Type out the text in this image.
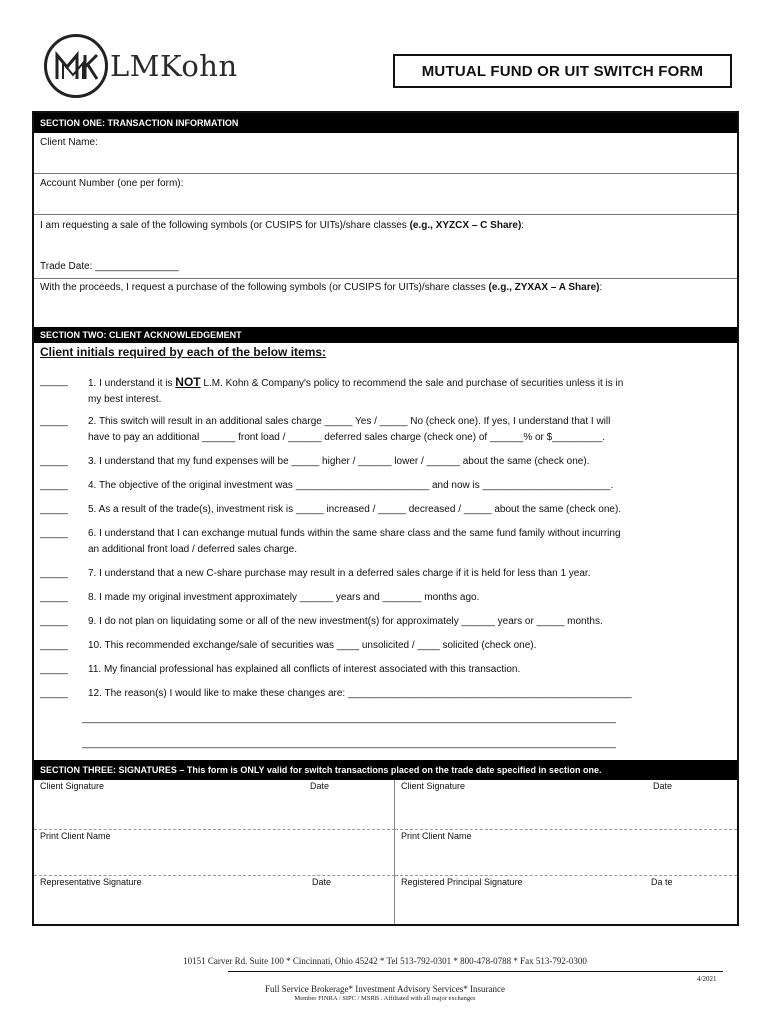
LMKohn	MUTUAL FUND OR UIT SWITCH FORM
SECTION ONE: TRANSACTION INFORMATION
Client Name:
Account Number (one per form):
I am requesting a sale of the following symbols (or CUSIPS for UITs)/share classes (e.g., XYZCX – C Share):
Trade Date: _______________
With the proceeds, I request a purchase of the following symbols (or CUSIPS for UITs)/share classes (e.g., ZYXAX – A Share):
SECTION TWO: CLIENT ACKNOWLEDGEMENT
Client initials required by each of the below items:
_____ 1. I understand it is NOT L.M. Kohn & Company's policy to recommend the sale and purchase of securities unless it is in
my best interest.
_____ 2. This switch will result in an additional sales charge _____ Yes / _____ No (check one). If yes, I understand that I will
have to pay an additional ______ front load / ______ deferred sales charge (check one) of ______% or $_________.
_____ 3. I understand that my fund expenses will be _____ higher / ______ lower / ______ about the same (check one).
_____ 4. The objective of the original investment was ________________________ and now is _______________________.
_____ 5. As a result of the trade(s), investment risk is _____ increased / _____ decreased / _____ about the same (check one).
_____ 6. I understand that I can exchange mutual funds within the same share class and the same fund family without incurring
an additional front load / deferred sales charge.
_____ 7. I understand that a new C-share purchase may result in a deferred sales charge if it is held for less than 1 year.
_____ 8. I made my original investment approximately ______ years and _______ months ago.
_____ 9. I do not plan on liquidating some or all of the new investment(s) for approximately ______ years or _____ months.
_____ 10. This recommended exchange/sale of securities was ____ unsolicited / ____ solicited (check one).
_____ 11. My financial professional has explained all conflicts of interest associated with this transaction.
_____ 12. The reason(s) I would like to make these changes are: ___________________________________________________
________________________________________________________________________________________________
________________________________________________________________________________________________
SECTION THREE: SIGNATURES – This form is ONLY valid for switch transactions placed on the trade date specified in section one.
Client Signature	Date	Client Signature	Date
Print Client Name	Print Client Name
Representative Signature	Date	Registered Principal Signature	Da te
10151 Carver Rd. Suite 100 * Cincinnati, Ohio 45242 * Tel 513-792-0301 * 800-478-0788 * Fax 513-792-0300
4/2021
Full Service Brokerage* Investment Advisory Services* Insurance
Member FINRA / SIPC / MSRB . Affiliated with all major exchanges
